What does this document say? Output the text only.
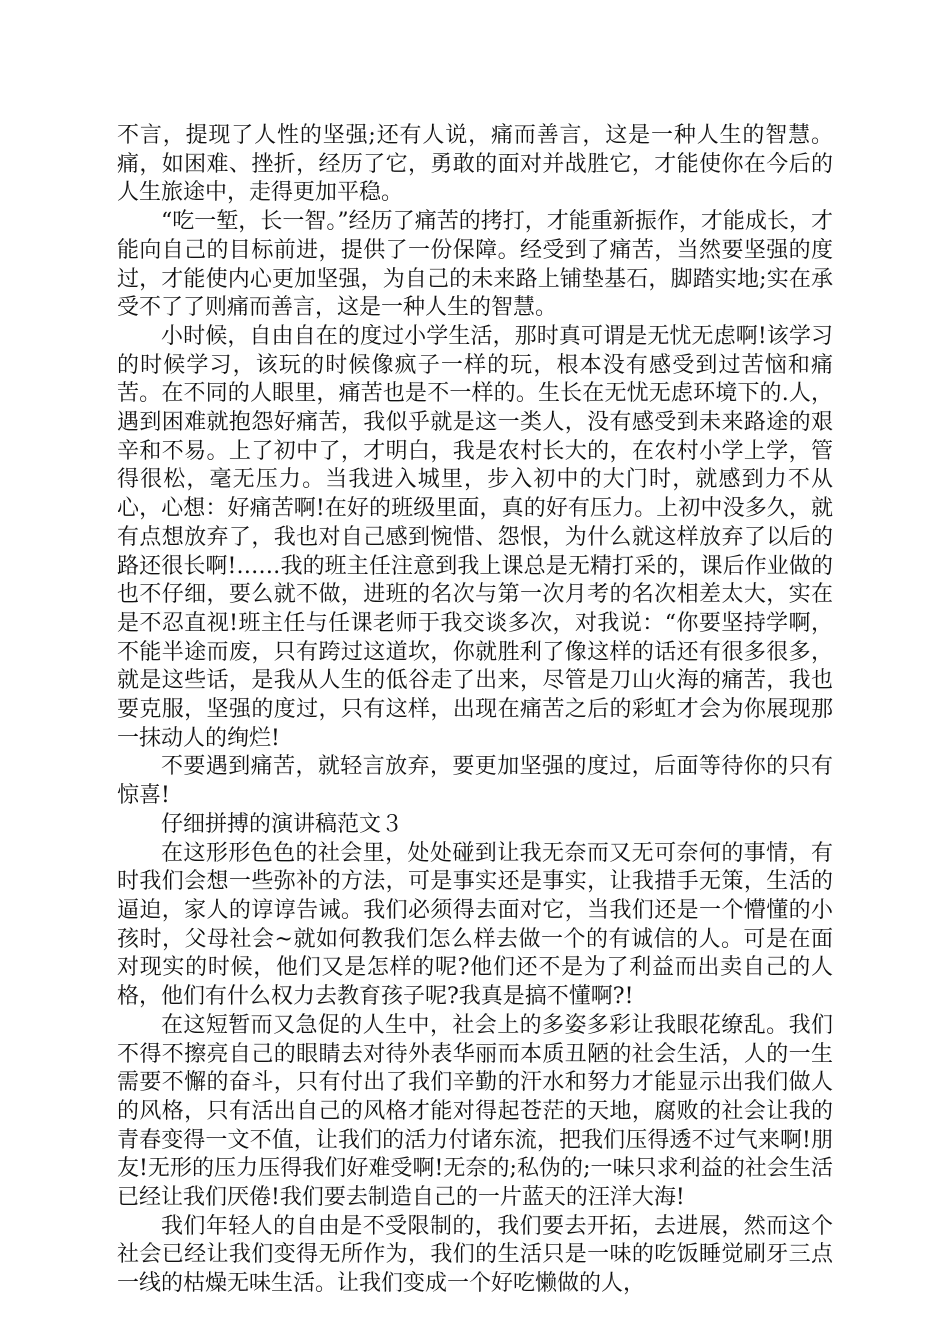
不言，提现了人性的坚强;还有人说，痛而善言，这是一种人生的智慧。痛，如困难、挫折，经历了它，勇敢的面对并战胜它，才能使你在今后的人生旅途中，走得更加平稳。

“吃一堑，长一智。”经历了痛苦的拷打，才能重新振作，才能成长，才能向自己的目标前进，提供了一份保障。经受到了痛苦，当然要坚强的度过，才能使内心更加坚强，为自己的未来路上铺垫基石，脚踏实地;实在承受不了了则痛而善言，这是一种人生的智慧。

小时候，自由自在的度过小学生活，那时真可谓是无忧无虑啊!该学习的时候学习，该玩的时候像疯子一样的玩，根本没有感受到过苦恼和痛苦。在不同的人眼里，痛苦也是不一样的。生长在无忧无虑环境下的.人，遇到困难就抱怨好痛苦，我似乎就是这一类人，没有感受到未来路途的艰辛和不易。上了初中了，才明白，我是农村长大的，在农村小学上学，管得很松，毫无压力。当我进入城里，步入初中的大门时，就感到力不从心，心想：好痛苦啊!在好的班级里面，真的好有压力。上初中没多久，就有点想放弃了，我也对自己感到惋惜、怨恨，为什么就这样放弃了以后的路还很长啊!……我的班主任注意到我上课总是无精打采的，课后作业做的也不仔细，要么就不做，进班的名次与第一次月考的名次相差太大，实在是不忍直视!班主任与任课老师于我交谈多次，对我说：“你要坚持学啊，不能半途而废，只有跨过这道坎，你就胜利了像这样的话还有很多很多，就是这些话，是我从人生的低谷走了出来，尽管是刀山火海的痛苦，我也要克服，坚强的度过，只有这样，出现在痛苦之后的彩虹才会为你展现那一抹动人的绚烂!

不要遇到痛苦，就轻言放弃，要更加坚强的度过，后面等待你的只有惊喜!

仔细拼搏的演讲稿范文３

在这形形色色的社会里，处处碰到让我无奈而又无可奈何的事情，有时我们会想一些弥补的方法，可是事实还是事实，让我措手无策，生活的逼迫，家人的谆谆告诫。我们必须得去面对它，当我们还是一个懵懂的小孩时，父母社会~就如何教我们怎么样去做一个的有诚信的人。可是在面对现实的时候，他们又是怎样的呢?他们还不是为了利益而出卖自己的人格，他们有什么权力去教育孩子呢?我真是搞不懂啊?!

在这短暂而又急促的人生中，社会上的多姿多彩让我眼花缭乱。我们不得不擦亮自己的眼睛去对待外表华丽而本质丑陋的社会生活，人的一生需要不懈的奋斗，只有付出了我们辛勤的汗水和努力才能显示出我们做人的风格，只有活出自己的风格才能对得起苍茫的天地，腐败的社会让我的青春变得一文不值，让我们的活力付诸东流，把我们压得透不过气来啊!朋友!无形的压力压得我们好难受啊!无奈的;私伪的;一味只求利益的社会生活已经让我们厌倦!我们要去制造自己的一片蓝天的汪洋大海!

我们年轻人的自由是不受限制的，我们要去开拓，去进展，然而这个社会已经让我们变得无所作为，我们的生活只是一味的吃饭睡觉刷牙三点一线的枯燥无味生活。让我们变成一个好吃懒做的人，
